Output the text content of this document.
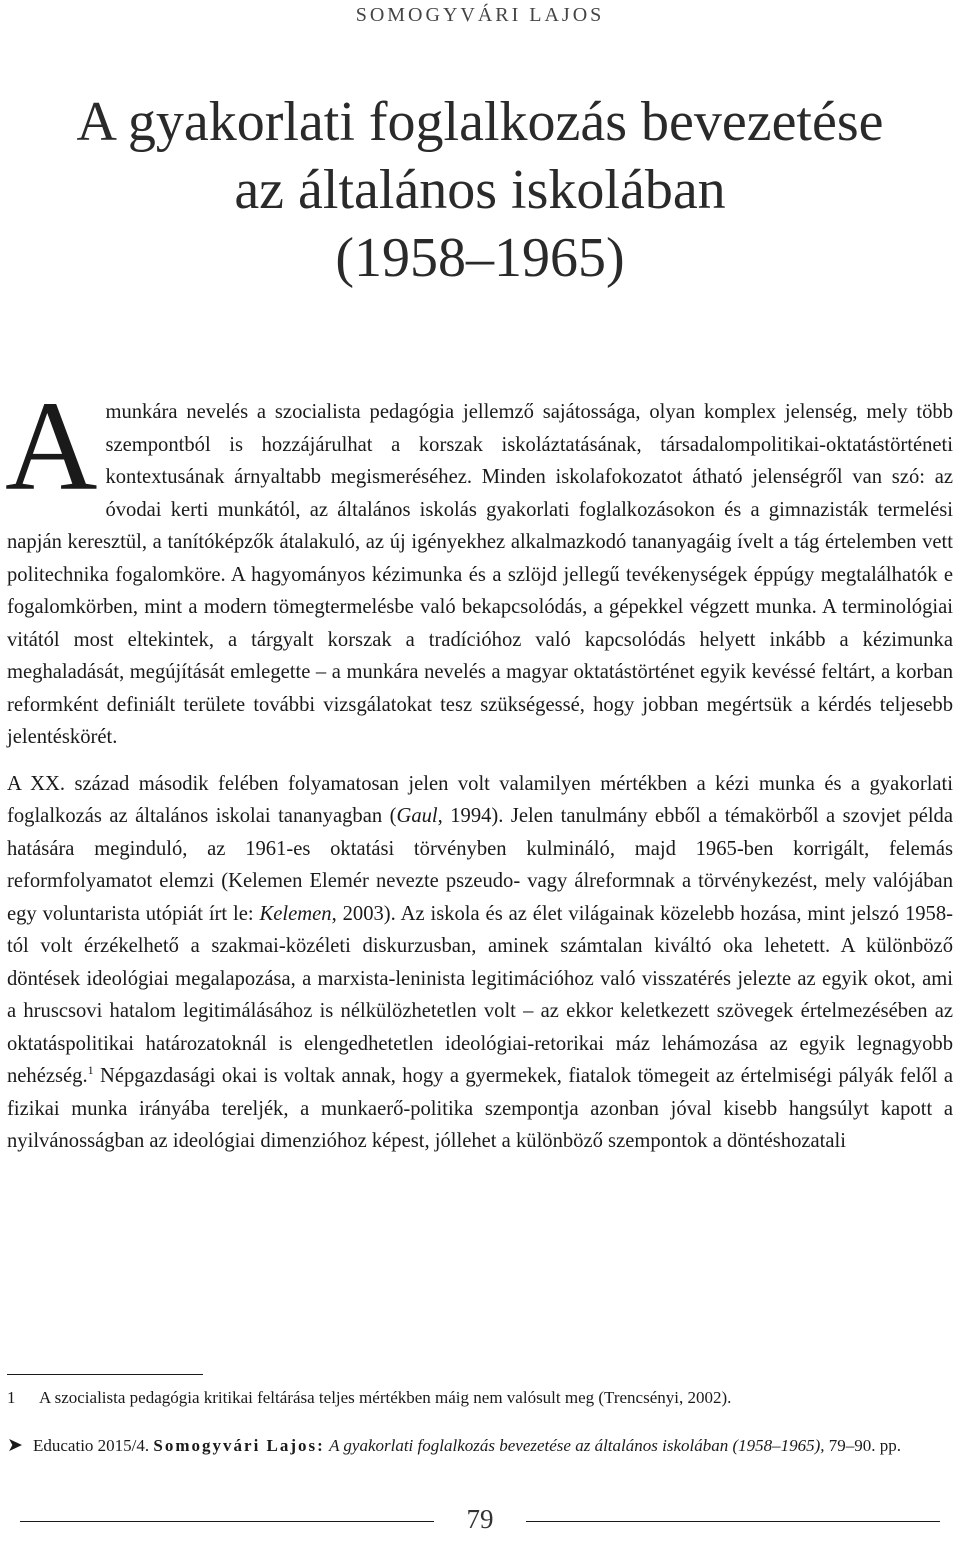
SOMOGYVÁRI LAJOS
A gyakorlati foglalkozás bevezetése
az általános iskolában
(1958–1965)

A munkára nevelés a szocialista pedagógia jellemző sajátossága, olyan komplex jelenség, mely több szempontból is hozzájárulhat a korszak iskoláztatásának, társadalompolitikai-oktatástörténeti kontextusának árnyaltabb megismeréséhez. Minden iskolafokozatot átható jelenségről van szó: az óvodai kerti munkától, az általános iskolás gyakorlati foglalkozásokon és a gimnazisták termelési napján keresztül, a tanítóképzők átalakuló, az új igényekhez alkalmazkodó tananyagáig ívelt a tág értelemben vett politechnika fogalomköre. A hagyományos kézimunka és a szlöjd jellegű tevékenységek éppúgy megtalálhatók e fogalomkörben, mint a modern tömegtermelésbe való bekapcsolódás, a gépekkel végzett munka. A terminológiai vitától most eltekintek, a tárgyalt korszak a tradícióhoz való kapcsolódás helyett inkább a kézimunka meghaladását, megújítását emlegette – a munkára nevelés a magyar oktatástörténet egyik kevéssé feltárt, a korban reformként definiált területe további vizsgálatokat tesz szükségessé, hogy jobban megértsük a kérdés teljesebb jelentéskörét.

A XX. század második felében folyamatosan jelen volt valamilyen mértékben a kézi munka és a gyakorlati foglalkozás az általános iskolai tananyagban (Gaul, 1994). Jelen tanulmány ebből a témakörből a szovjet példa hatására meginduló, az 1961-es oktatási törvényben kulmináló, majd 1965-ben korrigált, felemás reformfolyamatot elemzi (Kelemen Elemér nevezte pszeudo- vagy álreformnak a törvénykezést, mely valójában egy voluntarista utópiát írt le: Kelemen, 2003). Az iskola és az élet világainak közelebb hozása, mint jelszó 1958-tól volt érzékelhető a szakmai-közéleti diskurzusban, aminek számtalan kiváltó oka lehetett. A különböző döntések ideológiai megalapozása, a marxista-leninista legitimációhoz való visszatérés jelezte az egyik okot, ami a hruscsovi hatalom legitimálásához is nélkülözhetetlen volt – az ekkor keletkezett szövegek értelmezésében az oktatáspolitikai határozatoknál is elengedhetetlen ideológiai-retorikai máz lehámozása az egyik legnagyobb nehézség.$^1$ Népgazdasági okai is voltak annak, hogy a gyermekek, fiatalok tömegeit az értelmiségi pályák felől a fizikai munka irányába tereljék, a munkaerő-politika szempontja azonban jóval kisebb hangsúlyt kapott a nyilvánosságban az ideológiai dimenzióhoz képest, jóllehet a különböző szempontok a döntéshozatali

1 A szocialista pedagógia kritikai feltárása teljes mértékben máig nem valósult meg (Trencsényi, 2002).
➤ Educatio 2015/4. Somogyvári Lajos: A gyakorlati foglalkozás bevezetése az általános iskolában (1958–1965), 79–90. pp.
79
